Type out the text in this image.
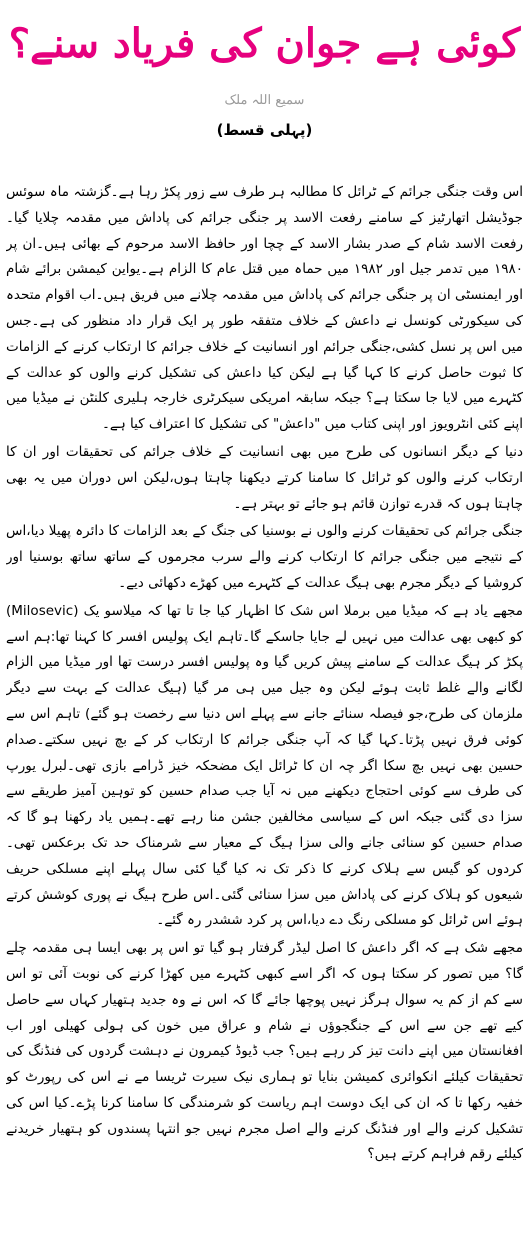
کوئی ہے جوان کی فریاد سنے؟
سمیع اللہ ملک
(پہلی قسط)

اس وقت جنگی جرائم کے ٹرائل کا مطالبہ ہر طرف سے زور پکڑ رہا ہے۔گزشتہ ماہ سوئس جوڈیشل اتھارٹیز کے سامنے رفعت الاسد پر جنگی جرائم کی پاداش میں مقدمہ چلایا گیا۔رفعت الاسد شام کے صدر بشار الاسد کے چچا اور حافظ الاسد مرحوم کے بھائی ہیں۔ان پر ۱۹۸۰ میں تدمر جیل اور ۱۹۸۲ میں حماہ میں قتل عام کا الزام ہے۔یواین کیمشن برائے شام اور ایمنسٹی ان پر جنگی جرائم کی پاداش میں مقدمہ چلانے میں فریق ہیں۔اب اقوام متحدہ کی سیکورٹی کونسل نے داعش کے خلاف متفقہ طور پر ایک قرار داد منظور کی ہے۔جس میں اس پر نسل کشی،جنگی جرائم اور انسانیت کے خلاف جرائم کا ارتکاب کرنے کے الزامات کا ثبوت حاصل کرنے کا کہا گیا ہے لیکن کیا داعش کی تشکیل کرنے والوں کو عدالت کے کٹہرے میں لایا جا سکتا ہے؟ جبکہ سابقہ امریکی سیکرٹری خارجہ ہلیری کلنٹن نے میڈیا میں اپنے کئی انٹرویوز اور اپنی کتاب میں "داعش" کی تشکیل کا اعتراف کیا ہے۔

دنیا کے دیگر انسانوں کی طرح میں بھی انسانیت کے خلاف جرائم کی تحقیقات اور ان کا ارتکاب کرنے والوں کو ٹرائل کا سامنا کرتے دیکھنا چاہتا ہوں،لیکن اس دوران میں یہ بھی چاہتا ہوں کہ قدرے توازن قائم ہو جائے تو بہتر ہے۔

جنگی جرائم کی تحقیقات کرنے والوں نے بوسنیا کی جنگ کے بعد الزامات کا دائرہ پھیلا دیا،اس کے نتیجے میں جنگی جرائم کا ارتکاب کرنے والے سرب مجرموں کے ساتھ ساتھ بوسنیا اور کروشیا کے دیگر مجرم بھی ہیگ عدالت کے کٹہرے میں کھڑے دکھائی دیے۔

مجھے یاد ہے کہ میڈیا میں برملا اس شک کا اظہار کیا جا تا تھا کہ میلاسو یک (Milosevic) کو کبھی بھی عدالت میں نہیں لے جایا جاسکے گا۔تاہم ایک پولیس افسر کا کہنا تھا:ہم اسے پکڑ کر ہیگ عدالت کے سامنے پیش کریں گیا وہ پولیس افسر درست تھا اور میڈیا میں الزام لگانے والے غلط ثابت ہوئے لیکن وہ جیل میں ہی مر گیا (ہیگ عدالت کے بہت سے دیگر ملزمان کی طرح،جو فیصلہ سنائے جانے سے پہلے اس دنیا سے رخصت ہو گئے) تاہم اس سے کوئی فرق نہیں پڑتا۔کہا گیا کہ آپ جنگی جرائم کا ارتکاب کر کے بچ نہیں سکتے۔صدام حسین بھی نہیں بچ سکا اگر چہ ان کا ٹرائل ایک مضحکہ خیز ڈرامے بازی تھی۔لبرل یورپ کی طرف سے کوئی احتجاج دیکھنے میں نہ آیا جب صدام حسین کو توہین آمیز طریقے سے سزا دی گئی جبکہ اس کے سیاسی مخالفین جشن منا رہے تھے۔ہمیں یاد رکھنا ہو گا کہ صدام حسین کو سنائی جانے والی سزا ہیگ کے معیار سے شرمناک حد تک برعکس تھی۔کردوں کو گیس سے ہلاک کرنے کا ذکر تک نہ کیا گیا کئی سال پہلے اپنے مسلکی حریف شیعوں کو ہلاک کرنے کی پاداش میں سزا سنائی گئی۔اس طرح ہیگ نے پوری کوشش کرتے ہوئے اس ٹرائل کو مسلکی رنگ دے دیا،اس پر کرد ششدر رہ گئے۔

مجھے شک ہے کہ اگر داعش کا اصل لیڈر گرفتار ہو گیا تو اس پر بھی ایسا ہی مقدمہ چلے گا؟ میں تصور کر سکتا ہوں کہ اگر اسے کبھی کٹہرے میں کھڑا کرنے کی نوبت آئی تو اس سے کم از کم یہ سوال ہرگز نہیں پوچھا جائے گا کہ اس نے وہ جدید ہتھیار کہاں سے حاصل کیے تھے جن سے اس کے جنگجوؤں نے شام و عراق میں خون کی ہولی کھیلی اور اب افغانستان میں اپنے دانت تیز کر رہے ہیں؟ جب ڈیوڈ کیمرون نے دہشت گردوں کی فنڈنگ کی تحقیقات کیلئے انکوائری کمیشن بنایا تو ہماری نیک سیرت ٹریسا مے نے اس کی رپورٹ کو خفیہ رکھا تا کہ ان کی ایک دوست اہم ریاست کو شرمندگی کا سامنا کرنا پڑے۔کیا اس کی تشکیل کرنے والے اور فنڈنگ کرنے والے اصل مجرم نہیں جو انتہا پسندوں کو ہتھیار خریدنے کیلئے رقم فراہم کرتے ہیں؟
